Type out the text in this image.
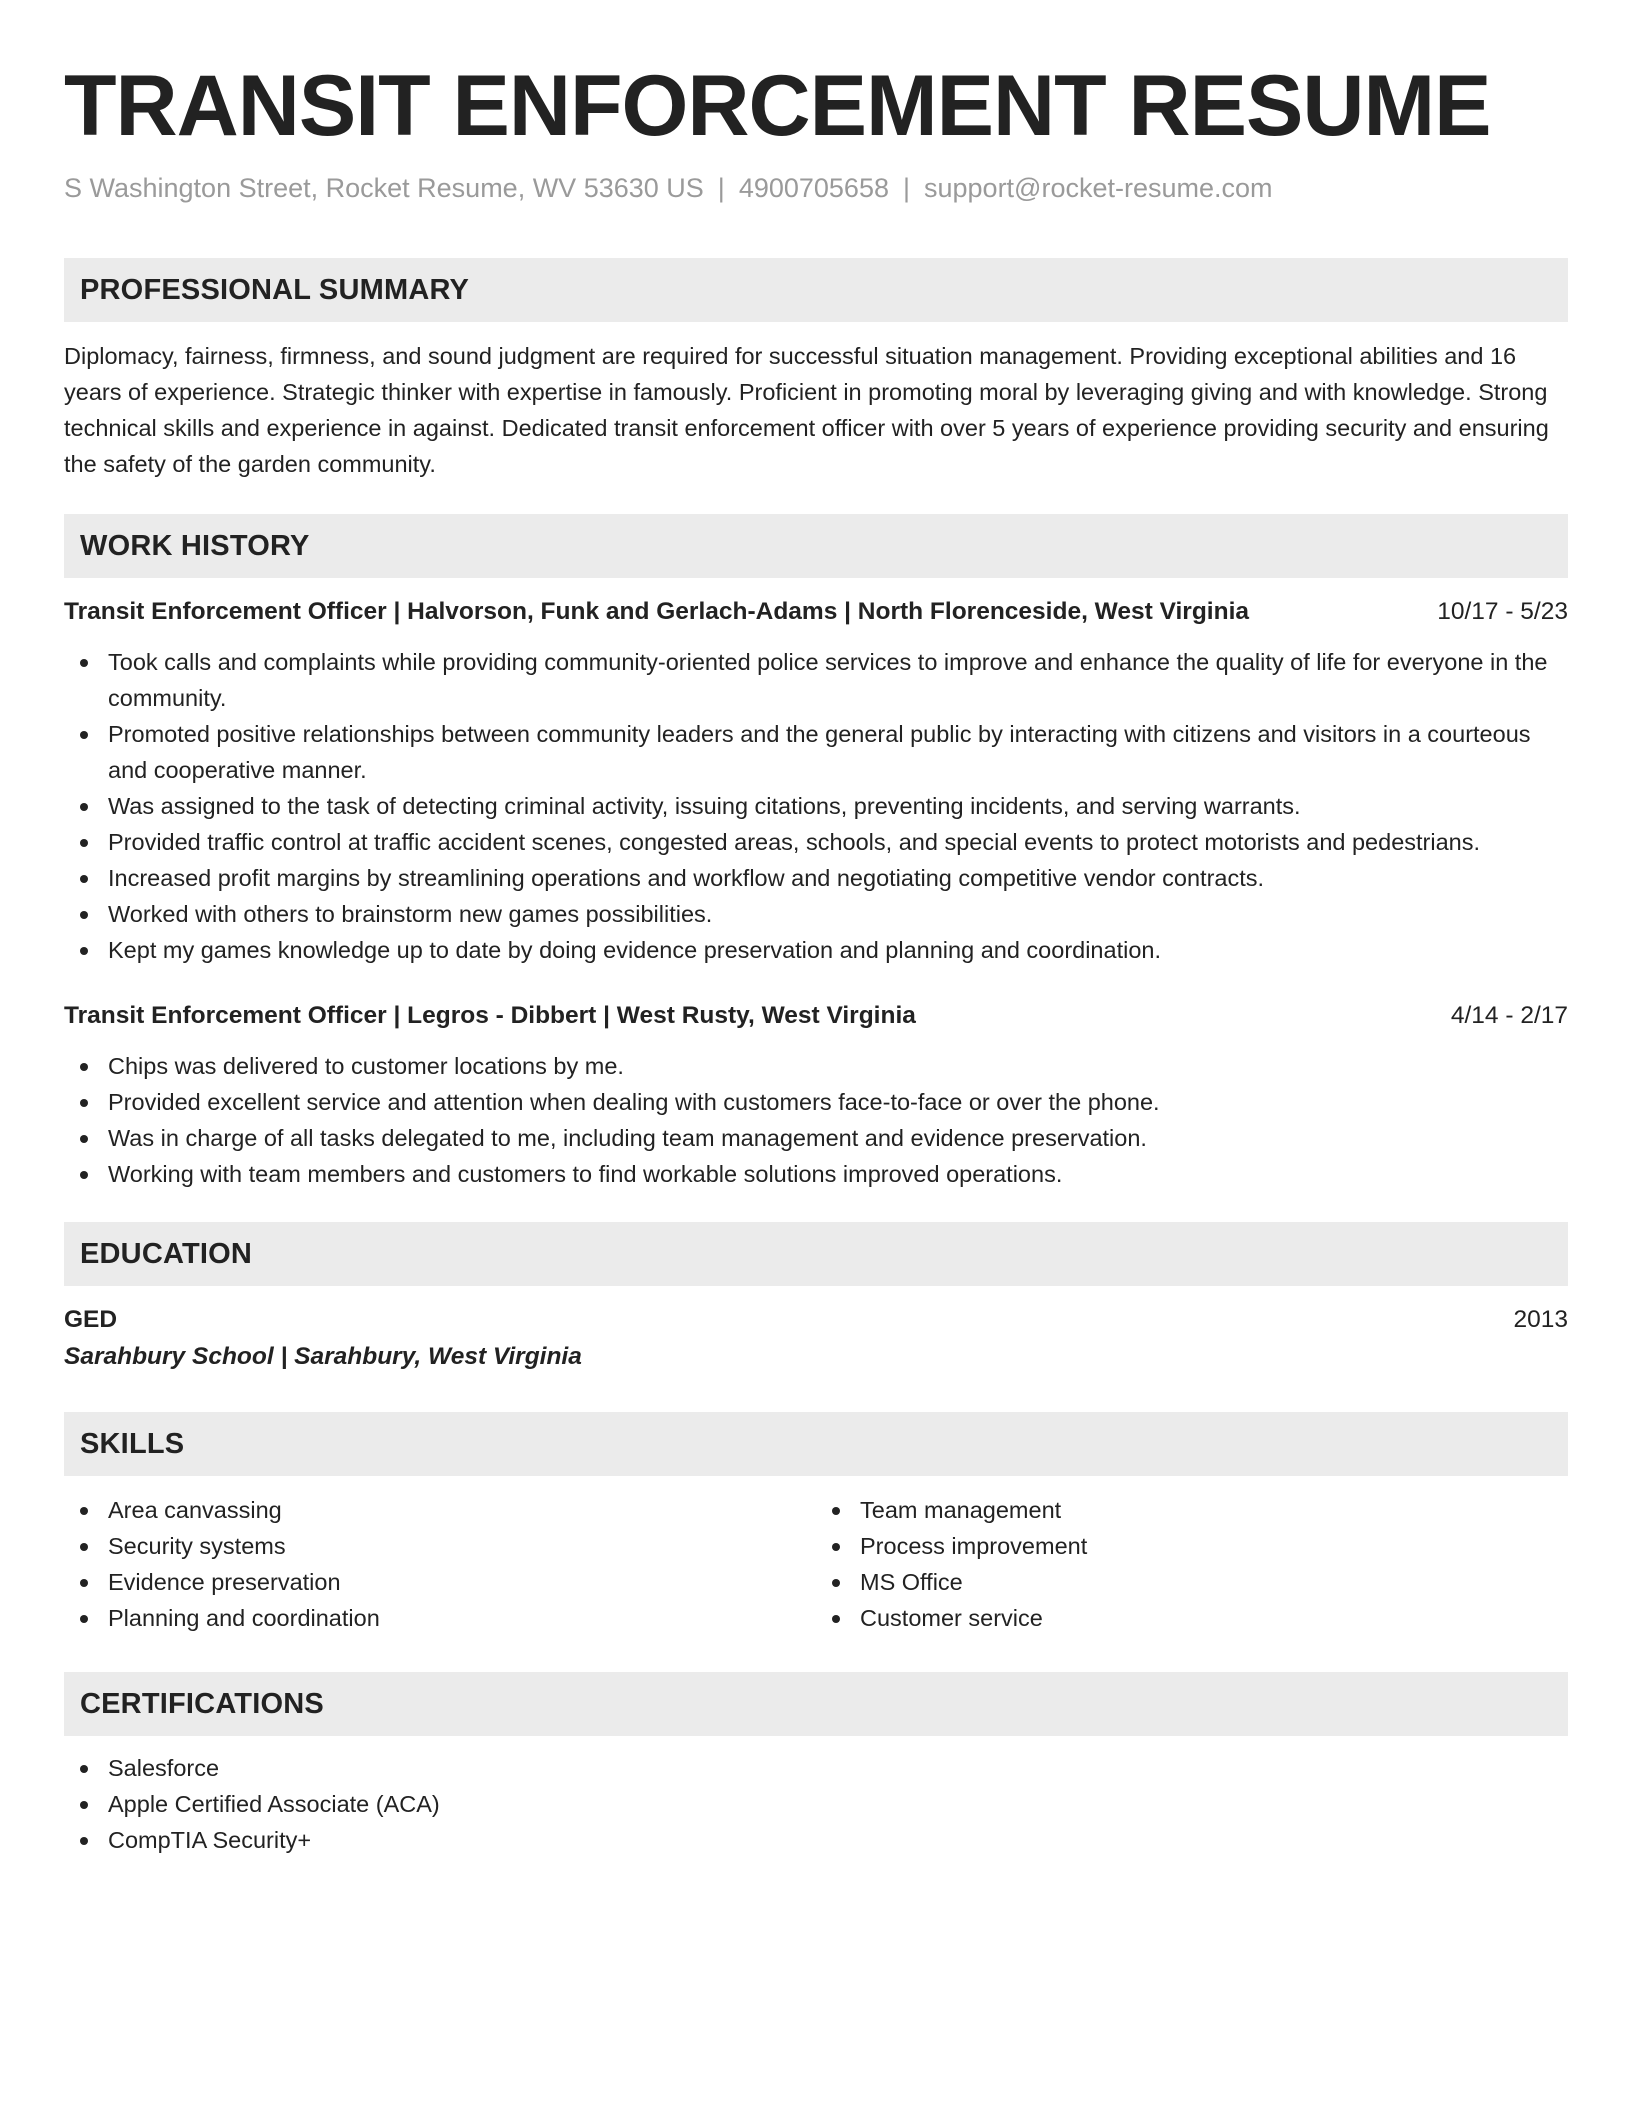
TRANSIT ENFORCEMENT RESUME
S Washington Street, Rocket Resume, WV 53630 US | 4900705658 | support@rocket-resume.com
PROFESSIONAL SUMMARY

Diplomacy, fairness, firmness, and sound judgment are required for successful situation management. Providing exceptional abilities and 16 years of experience. Strategic thinker with expertise in famously. Proficient in promoting moral by leveraging giving and with knowledge. Strong technical skills and experience in against. Dedicated transit enforcement officer with over 5 years of experience providing security and ensuring the safety of the garden community.

WORK HISTORY
Transit Enforcement Officer | Halvorson, Funk and Gerlach-Adams | North Florenceside, West Virginia	10/17 - 5/23
Took calls and complaints while providing community-oriented police services to improve and enhance the quality of life for everyone in the community.
Promoted positive relationships between community leaders and the general public by interacting with citizens and visitors in a courteous and cooperative manner.
Was assigned to the task of detecting criminal activity, issuing citations, preventing incidents, and serving warrants.
Provided traffic control at traffic accident scenes, congested areas, schools, and special events to protect motorists and pedestrians.
Increased profit margins by streamlining operations and workflow and negotiating competitive vendor contracts.
Worked with others to brainstorm new games possibilities.
Kept my games knowledge up to date by doing evidence preservation and planning and coordination.
Transit Enforcement Officer | Legros - Dibbert | West Rusty, West Virginia	4/14 - 2/17
Chips was delivered to customer locations by me.
Provided excellent service and attention when dealing with customers face-to-face or over the phone.
Was in charge of all tasks delegated to me, including team management and evidence preservation.
Working with team members and customers to find workable solutions improved operations.
EDUCATION
GED	2013
Sarahbury School | Sarahbury, West Virginia
SKILLS
Area canvassing
Security systems
Evidence preservation
Planning and coordination
Team management
Process improvement
MS Office
Customer service
CERTIFICATIONS
Salesforce
Apple Certified Associate (ACA)
CompTIA Security+
